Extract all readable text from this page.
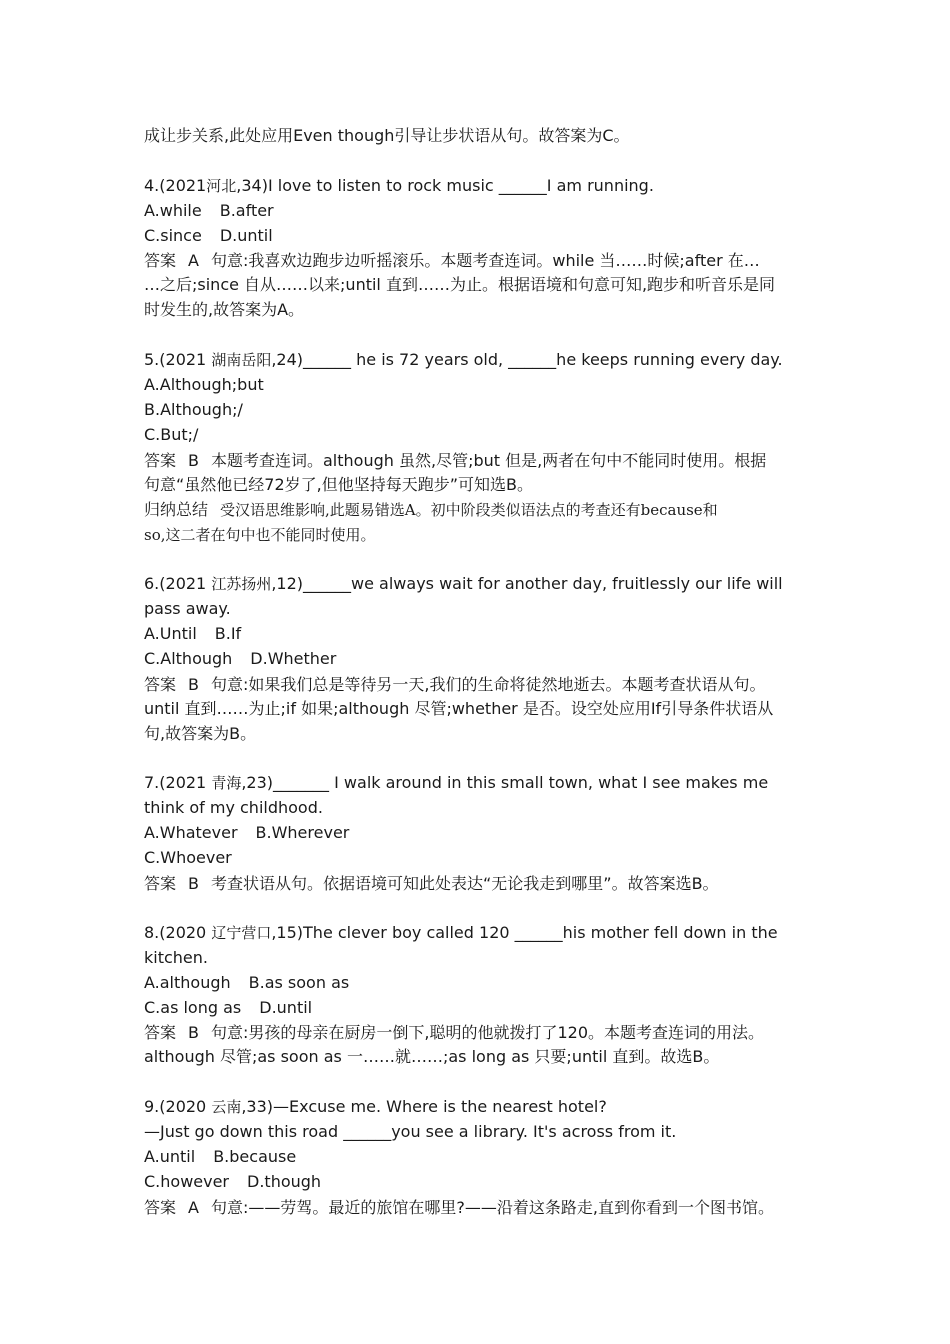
成让步关系,此处应用Even though引导让步状语从句。故答案为C。
4.(2021河北,34)I love to listen to rock music ______I am running.
A.while B.after
C.since D.until
答案 A 句意:我喜欢边跑步边听摇滚乐。本题考查连词。while 当……时候;after 在…
…之后;since 自从……以来;until 直到……为止。根据语境和句意可知,跑步和听音乐是同
时发生的,故答案为A。
5.(2021 湖南岳阳,24)______ he is 72 years old, ______he keeps running every day.
A.Although;but
B.Although;/
C.But;/
答案 B 本题考查连词。although 虽然,尽管;but 但是,两者在句中不能同时使用。根据
句意“虽然他已经72岁了,但他坚持每天跑步”可知选B。
归纳总结 受汉语思维影响,此题易错选A。初中阶段类似语法点的考查还有because和
so,这二者在句中也不能同时使用。
6.(2021 江苏扬州,12)______we always wait for another day, fruitlessly our life will
pass away.
A.Until B.If
C.Although D.Whether
答案 B 句意:如果我们总是等待另一天,我们的生命将徒然地逝去。本题考查状语从句。
until 直到……为止;if 如果;although 尽管;whether 是否。设空处应用If引导条件状语从
句,故答案为B。
7.(2021 青海,23)_______ I walk around in this small town, what I see makes me
think of my childhood.
A.Whatever B.Wherever
C.Whoever
答案 B 考查状语从句。依据语境可知此处表达“无论我走到哪里”。故答案选B。
8.(2020 辽宁营口,15)The clever boy called 120 ______his mother fell down in the
kitchen.
A.although B.as soon as
C.as long as D.until
答案 B 句意:男孩的母亲在厨房一倒下,聪明的他就拨打了120。本题考查连词的用法。
although 尽管;as soon as 一……就……;as long as 只要;until 直到。故选B。
9.(2020 云南,33)—Excuse me. Where is the nearest hotel?
—Just go down this road ______you see a library. It's across from it.
A.until B.because
C.however D.though
答案 A 句意:——劳驾。最近的旅馆在哪里?——沿着这条路走,直到你看到一个图书馆。
